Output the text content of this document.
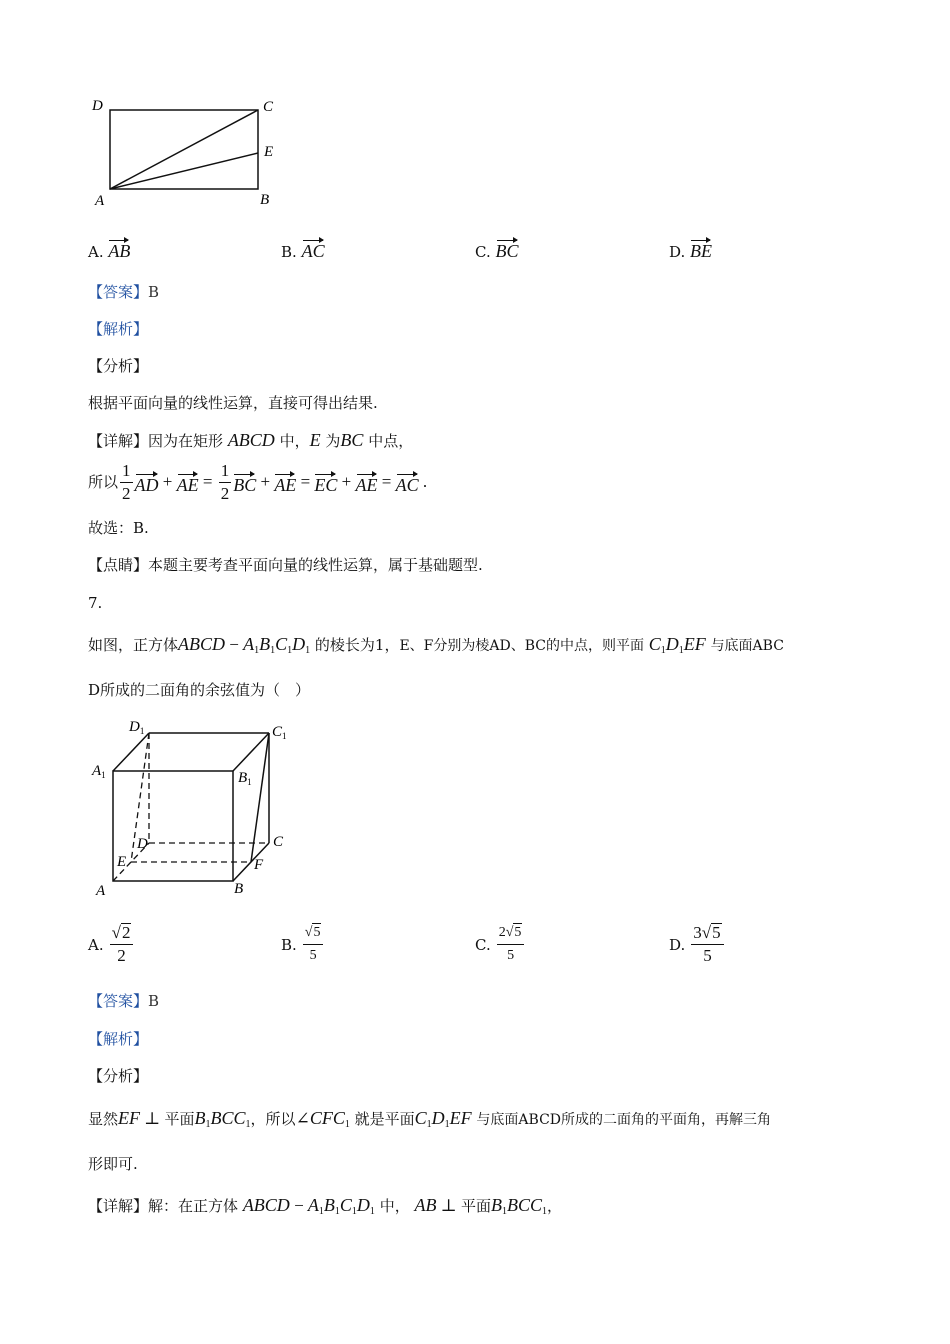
D	C
E
A	B
A. AB	B. AC	C. BC	D. BE
【答案】B
【解析】
【分析】
根据平面向量的线性运算，直接可得出结果.
【详解】因为在矩形 ABCD 中，E 为BC 中点，
所以 $\frac{1}{2}$ AD + AE = $\frac{1}{2}$ BC + AE = EC + AE = AC .
故选：B.
【点睛】本题主要考查平面向量的线性运算，属于基础题型.
7.
如图，正方体ABCD − $A_1B_1C_1D_1$ 的棱长为1，E、F分别为棱AD、BC的中点，则平面 $C_1D_1EF$ 与底面ABC
D所成的二面角的余弦值为（　）
$D_1$	$C_1$
$A_1$	$B_1$
D	C
E	F
A	B
A. $\frac{√2}{2}$	B. $\frac{√5}{5}$	C. $\frac{2√5}{5}$	D. $\frac{3√5}{5}$
【答案】B
【解析】
【分析】
显然EF ⊥ 平面$B_1BCC_1$，所以$\angle CFC_1$ 就是平面$C_1D_1EF$ 与底面ABCD所成的二面角的平面角，再解三角
形即可.
【详解】解：在正方体 ABCD − $A_1B_1C_1D_1$ 中， AB ⊥ 平面$B_1BCC_1$，
